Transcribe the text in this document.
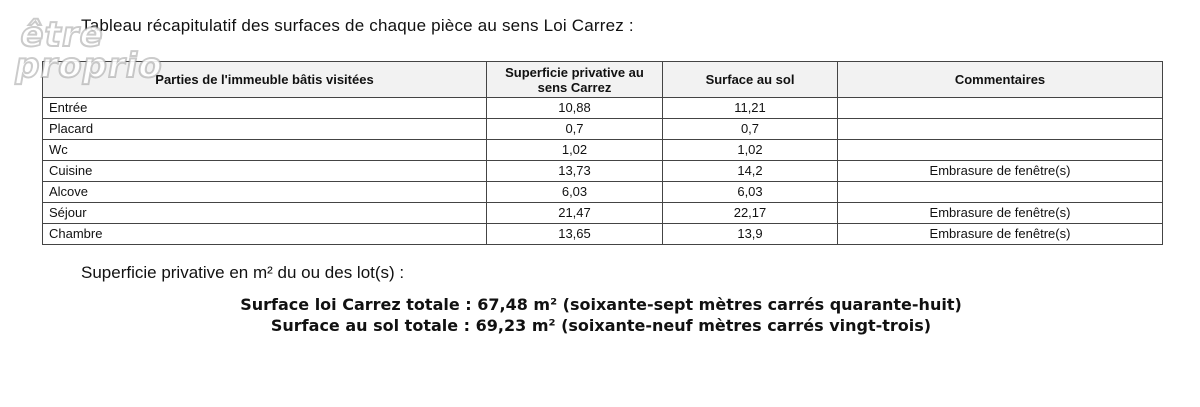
être
proprio
Tableau récapitulatif des surfaces de chaque pièce au sens Loi Carrez :
Parties de l'immeuble bâtis visitées	Superficie privative au sens Carrez	Surface au sol	Commentaires
Entrée	10,88	11,21	
Placard	0,7	0,7	
Wc	1,02	1,02	
Cuisine	13,73	14,2	Embrasure de fenêtre(s)
Alcove	6,03	6,03	
Séjour	21,47	22,17	Embrasure de fenêtre(s)
Chambre	13,65	13,9	Embrasure de fenêtre(s)
Superficie privative en m² du ou des lot(s) :
Surface loi Carrez totale : 67,48 m² (soixante-sept mètres carrés quarante-huit)
Surface au sol totale : 69,23 m² (soixante-neuf mètres carrés vingt-trois)
